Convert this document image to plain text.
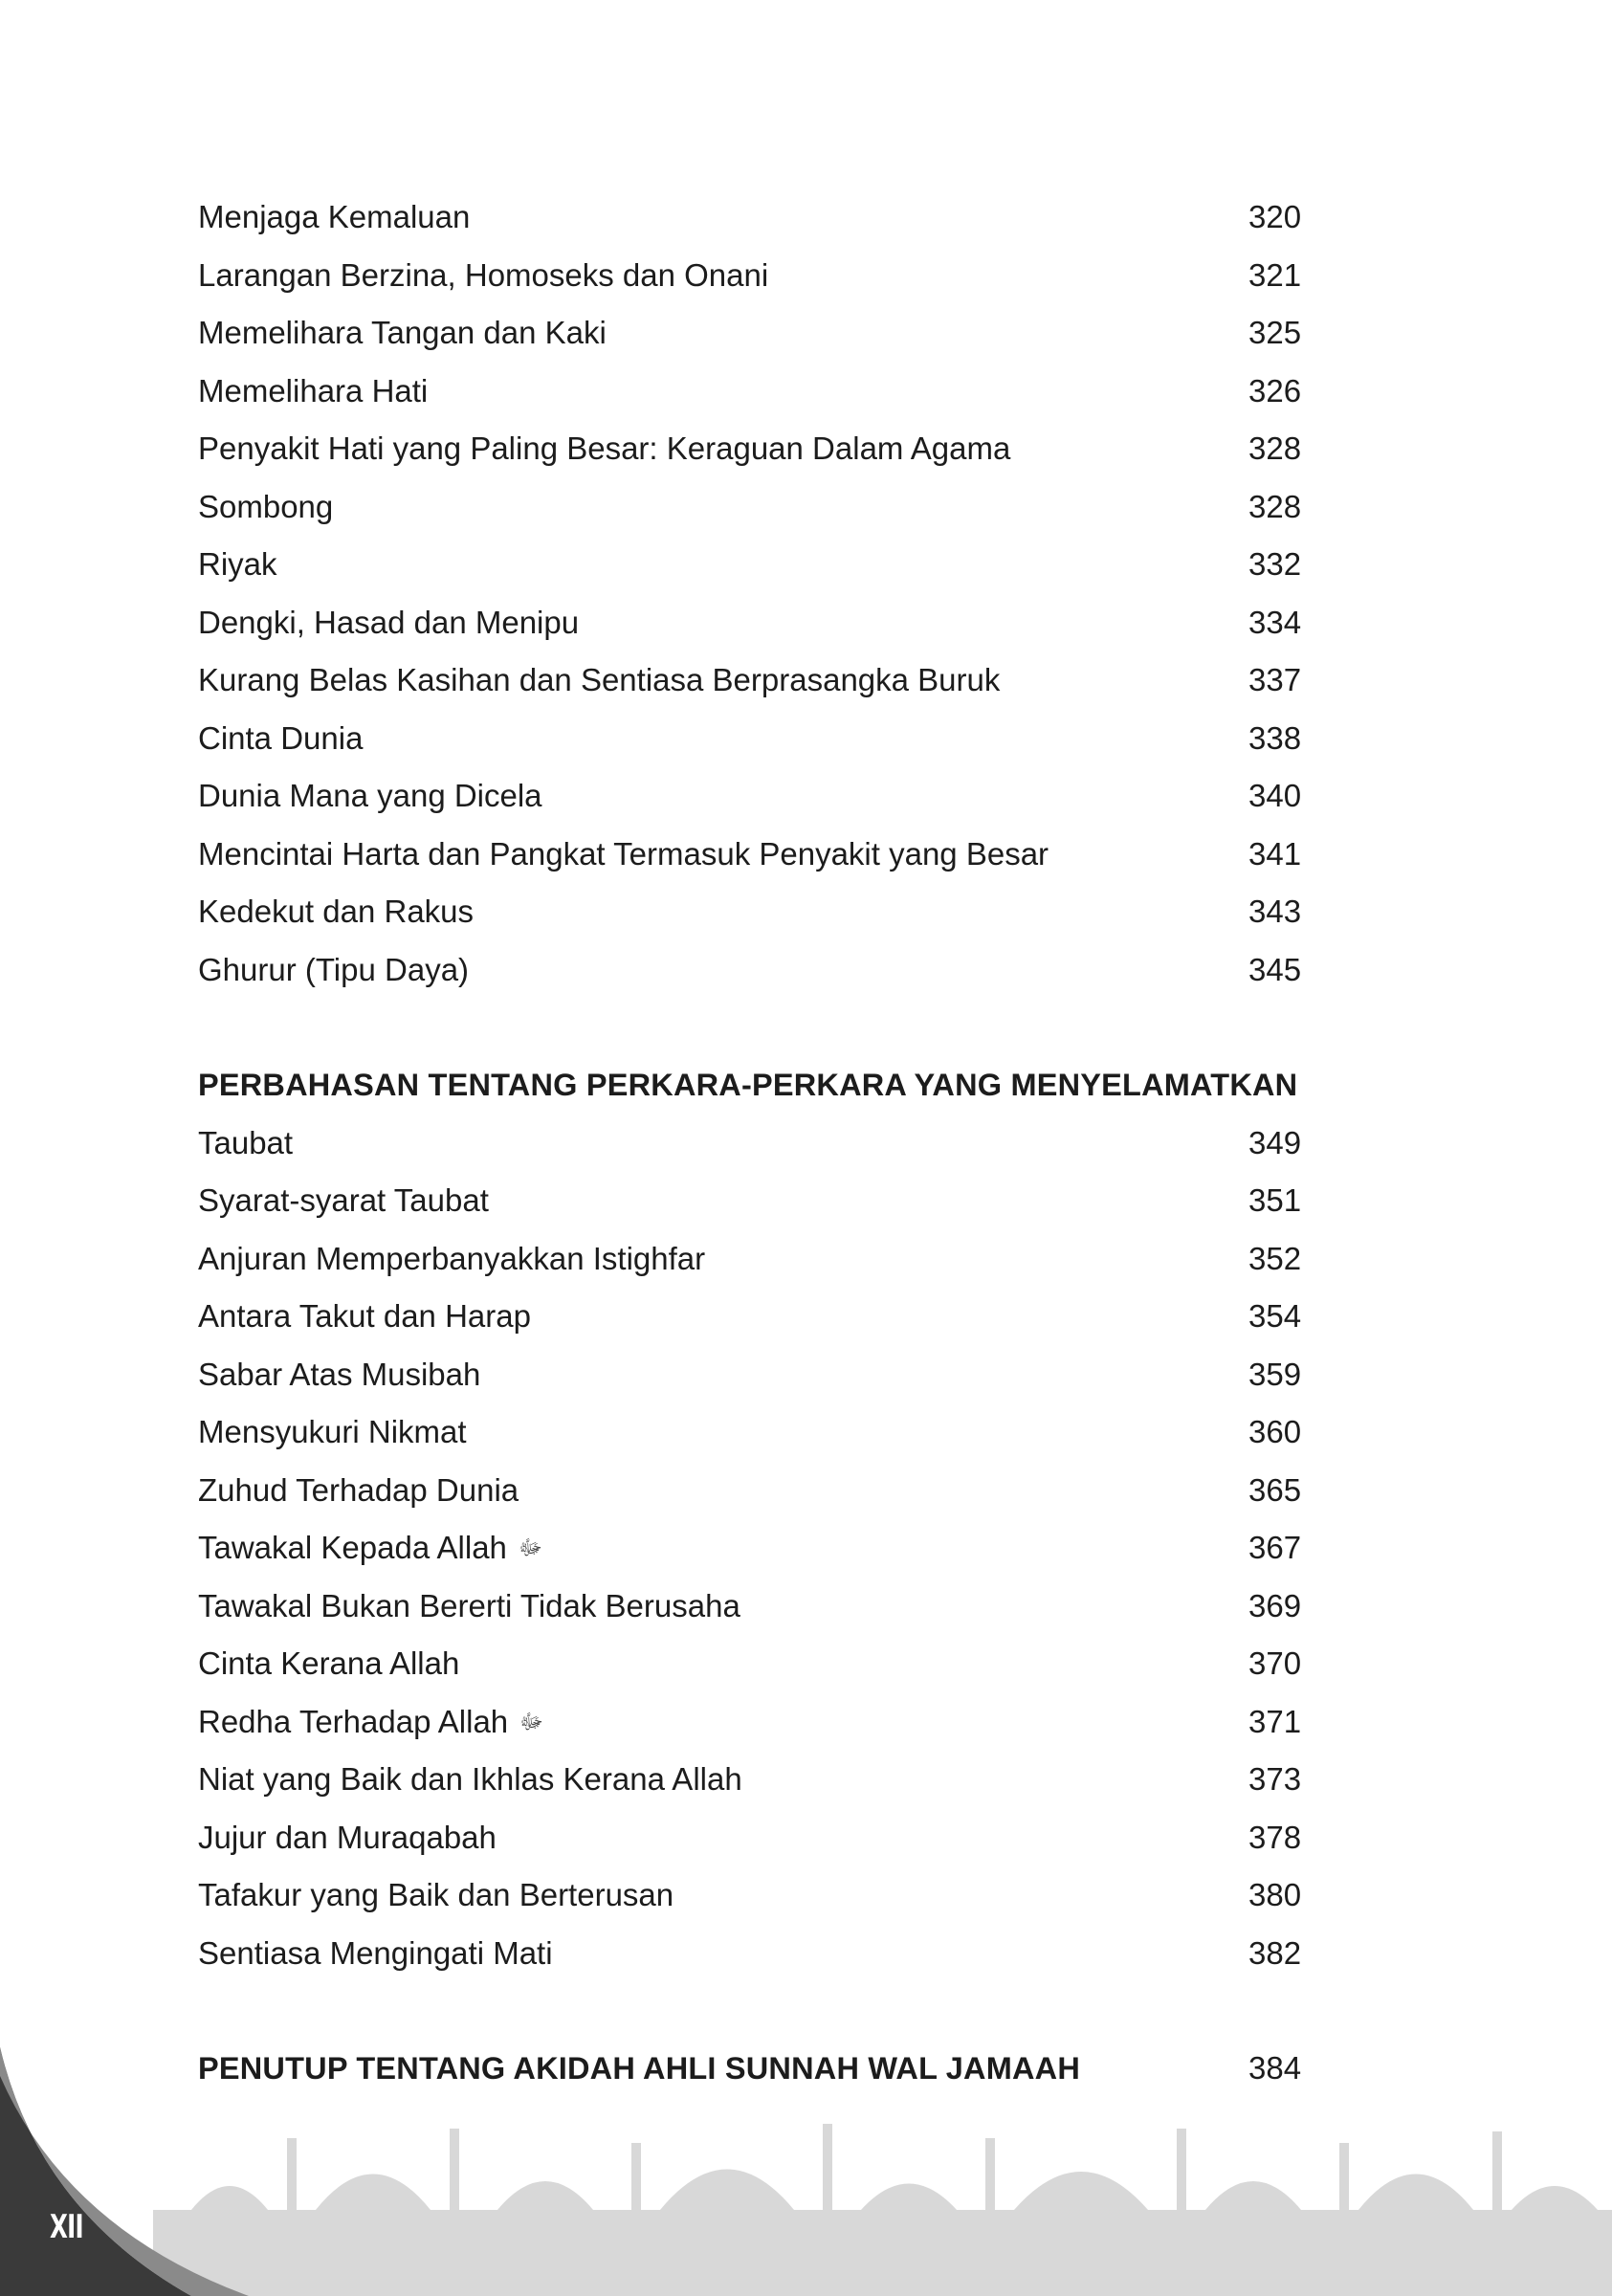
Menjaga Kemaluan	320
Larangan Berzina, Homoseks dan Onani	321
Memelihara Tangan dan Kaki	325
Memelihara Hati	326
Penyakit Hati yang Paling Besar: Keraguan Dalam Agama	328
Sombong	328
Riyak	332
Dengki, Hasad dan Menipu	334
Kurang Belas Kasihan dan Sentiasa Berprasangka Buruk	337
Cinta Dunia	338
Dunia Mana yang Dicela	340
Mencintai Harta dan Pangkat Termasuk Penyakit yang Besar	341
Kedekut dan Rakus	343
Ghurur (Tipu Daya)	345
PERBAHASAN TENTANG PERKARA-PERKARA YANG MENYELAMATKAN
Taubat	349
Syarat-syarat Taubat	351
Anjuran Memperbanyakkan Istighfar	352
Antara Takut dan Harap	354
Sabar Atas Musibah	359
Mensyukuri Nikmat	360
Zuhud Terhadap Dunia	365
Tawakal Kepada Allah ﷻ	367
Tawakal Bukan Bererti Tidak Berusaha	369
Cinta Kerana Allah	370
Redha Terhadap Allah ﷻ	371
Niat yang Baik dan Ikhlas Kerana Allah	373
Jujur dan Muraqabah	378
Tafakur yang Baik dan Berterusan	380
Sentiasa Mengingati Mati	382
PENUTUP TENTANG AKIDAH AHLI SUNNAH WAL JAMAAH	384
XII
